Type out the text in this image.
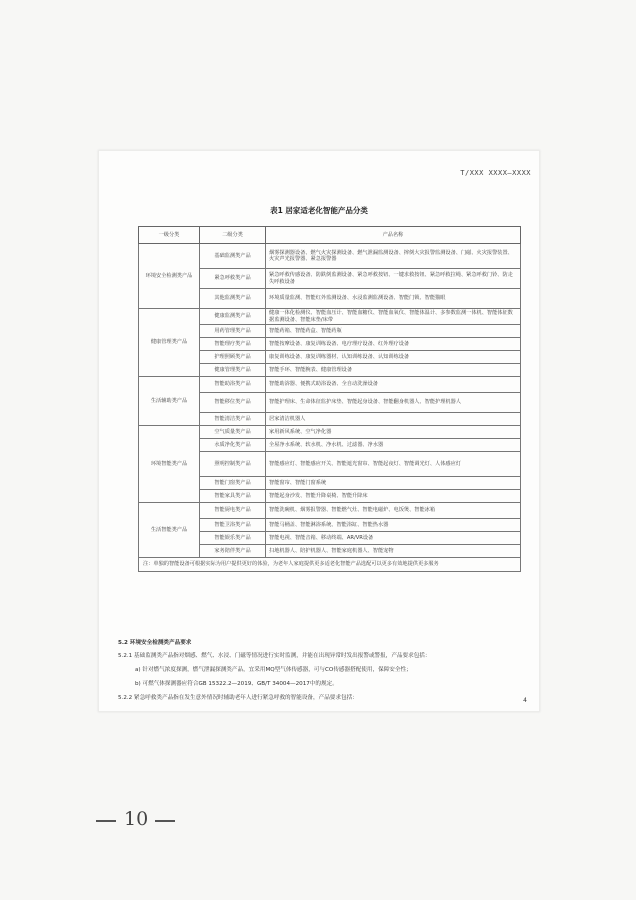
T/XXX XXXX—XXXX
表1 居家适老化智能产品分类
一级分类	二级分类	产品名称
环境安全检测类产品	基础监测类产品	烟雾探测器设备、燃气火灾探测设备、燃气泄漏监测设备、摔倒大灾报警监测设备、门磁、火灾报警装置、火灾声光报警器、紧急报警器
	紧急呼救类产品	紧急呼救传感设备、防跌倒监测设备、紧急呼救按钮、一键求救按钮、紧急呼救拉绳、紧急呼救门铃、防走失呼救设备
	其他监测类产品	环境质量监测、智能红外监测设备、水浸监测监测设备、智能门锁、智能猫眼
健康管理类产品	健康监测类产品	健康一体化检测仪、智能血压计、智能血糖仪、智能血氧仪、智能体温计、多参数监测一体机、智能体征数据监测设备、智能床垫/床带
	用药管理类产品	智能药箱、智能药盒、智能药瓶
	智能理疗类产品	智能按摩设备、康复训练设备、电疗理疗设备、红外理疗设备
	护理照顾类产品	康复训练设备、康复训练器材、认知训练设备、认知训练设备
	健康管理类产品	智能手环、智能腕表、健康管理设备
生活辅助类产品	智能助浴类产品	智能助浴器、便携式助浴设备、全自动洗澡设备
	智能移位类产品	智能护理床、生命体征监护床垫、智能起身设备、智能翻身机器人、智能护理机器人
	智能清洁类产品	居家清洁机器人
环境智能类产品	空气质量类产品	家用新风系统、空气净化器
	水质净化类产品	全屋净水系统、软水机、净水机、过滤器、净水器
	照明控制类产品	智能感应灯、智能感应开关、智能遮光窗帘、智能起夜灯、智能调光灯、人体感应灯
	智能门窗类产品	智能窗帘、智能门窗系统
	智能家具类产品	智能起身沙发、智能升降桌椅、智能升降床
生活智能类产品	智能厨电类产品	智能洗碗机、烟雾报警器、智能燃气灶、智能电磁炉、电饭煲、智能冰箱
	智能卫浴类产品	智能马桶盖、智能淋浴系统、智能浴缸、智能热水器
	智能娱乐类产品	智能电视、智能音箱、移动终端、AR/VR设备
	家务陪伴类产品	扫地机器人、陪护机器人、智能家庭机器人、智能宠物
注：单独的智能设备可根据实际为用户提供更好的体验，为老年人家庭提供更多适老化智能产品选配可以更多有效地提供更多服务		
5.2 环境安全检测类产品要求
5.2.1 基础监测类产品指对烟感、燃气、水浸、门磁等情况进行实时监测，并能在出现异常时发出报警或警报，产品要求包括：
a) 针对燃气浓度探测，燃气泄漏探测类产品，宜采用MQ型气体传感器，可与CO传感器搭配使用，保障安全性；
b) 可燃气体探测器应符合GB 15322.2—2019、GB/T 34004—2017中的规定。
5.2.2 紧急呼救类产品指在发生意外情况时辅助老年人进行紧急呼救的智能设备，产品要求包括：	4
10
